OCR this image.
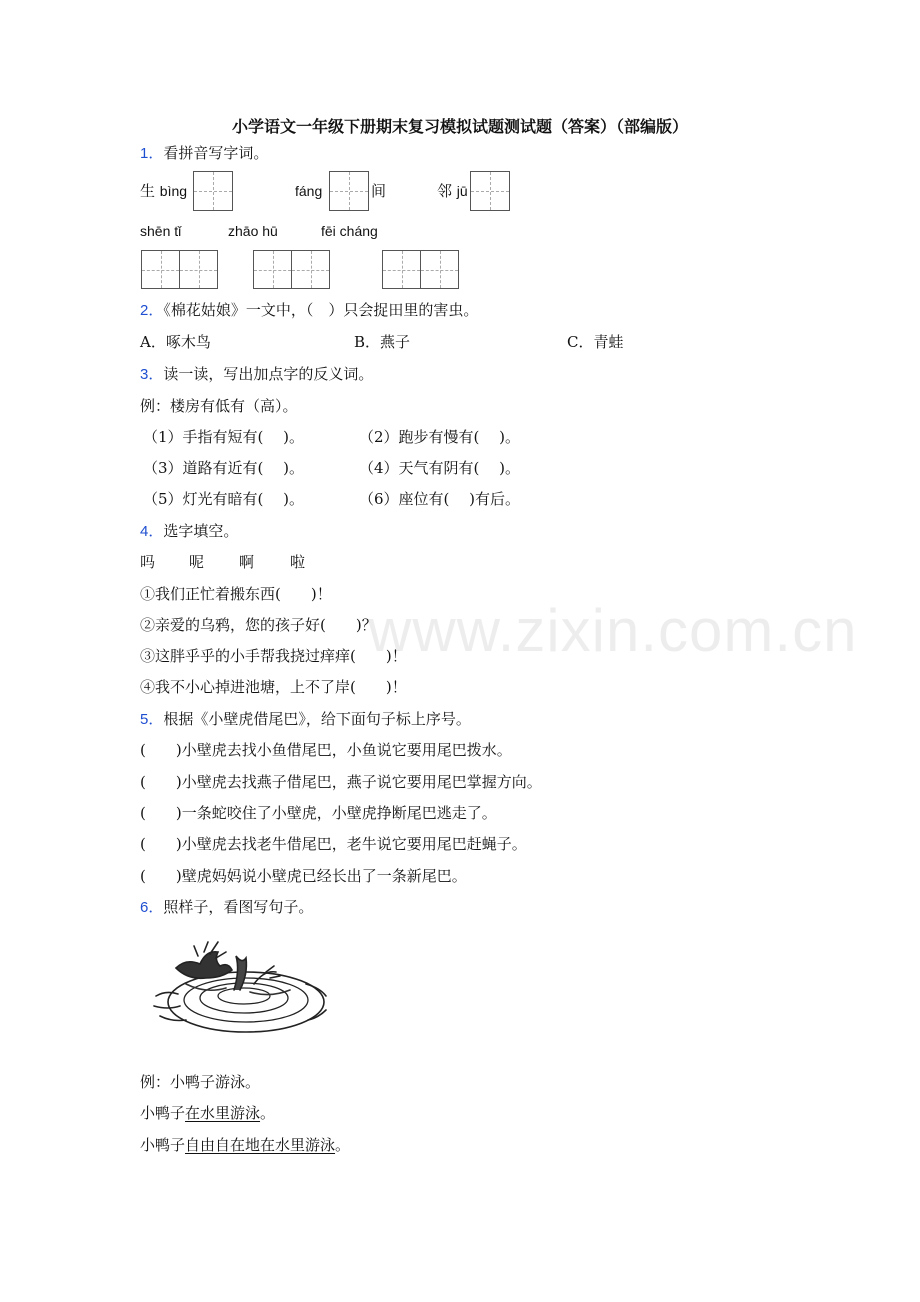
www.zixin.com.cn
小学语文一年级下册期末复习模拟试题测试题（答案）（部编版）
1．看拼音写字词。
生 bìng	fáng	间	邻 jū
shēn tǐ	zhāo hū	fēi cháng
2．《棉花姑娘》一文中，（　）只会捉田里的害虫。
A．啄木鸟	B．燕子	C．青蛙
3．读一读，写出加点字的反义词。
例：楼房有低有（高）。
（1）手指有短有(　 )。	（2）跑步有慢有(　 )。
（3）道路有近有(　 )。	（4）天气有阴有(　 )。
（5）灯光有暗有(　 )。	（6）座位有(　 )有后。
4．选字填空。
吗 呢 啊 啦
①我们正忙着搬东西(　　)！
②亲爱的乌鸦，您的孩子好(　　)？
③这胖乎乎的小手帮我挠过痒痒(　　)！
④我不小心掉进池塘，上不了岸(　　)！
5．根据《小壁虎借尾巴》，给下面句子标上序号。
(　　)小壁虎去找小鱼借尾巴，小鱼说它要用尾巴拨水。
(　　)小壁虎去找燕子借尾巴，燕子说它要用尾巴掌握方向。
(　　)一条蛇咬住了小壁虎，小壁虎挣断尾巴逃走了。
(　　)小壁虎去找老牛借尾巴，老牛说它要用尾巴赶蝇子。
(　　)壁虎妈妈说小壁虎已经长出了一条新尾巴。
6．照样子，看图写句子。
例：小鸭子游泳。
小鸭子在水里游泳。
小鸭子自由自在地在水里游泳。
